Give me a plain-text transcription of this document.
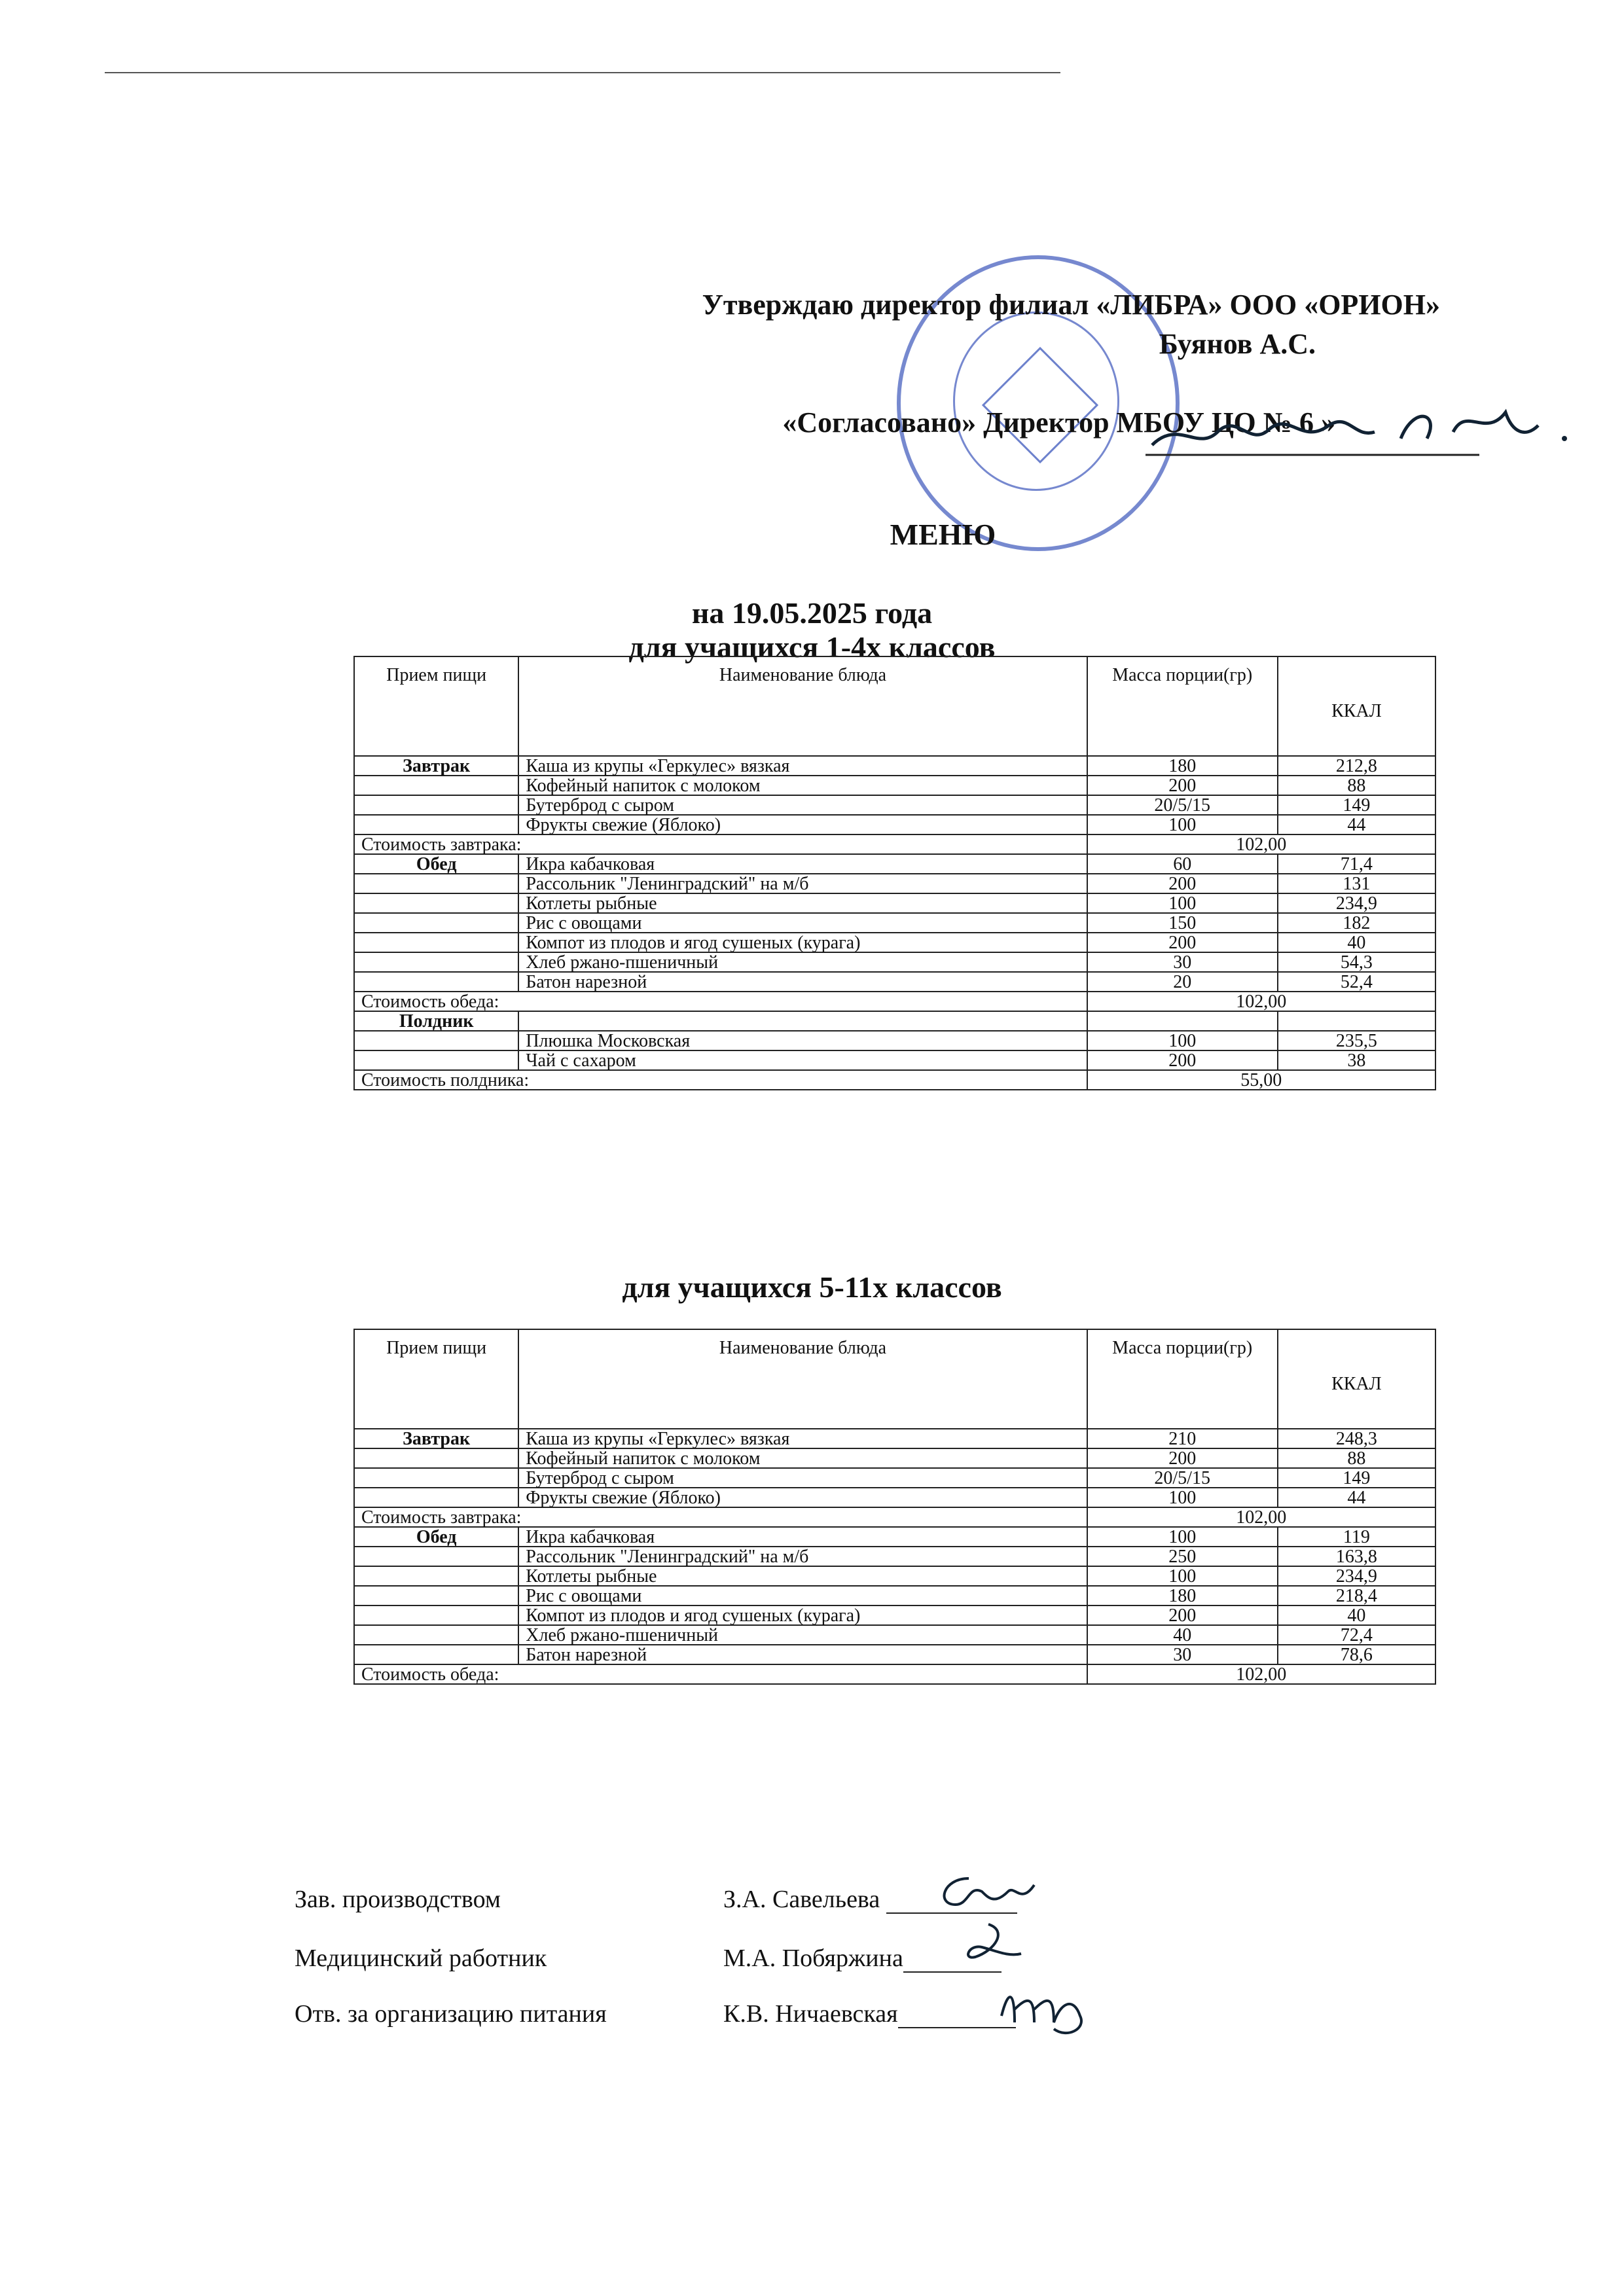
Утверждаю директор филиал «ЛИБРА» ООО «ОРИОН»
Буянов А.С.
«Согласовано» Директор МБОУ ЦО № 6 »
МЕНЮ
на 19.05.2025 года
для учащихся 1-4х классов
для учащихся 5-11х классов
Прием пищи	Наименование блюда	Масса порции(гр)	ККАЛ
Завтрак	Каша из крупы «Геркулес» вязкая	180	212,8
	Кофейный напиток с молоком	200	88
	Бутерброд с сыром	20/5/15	149
	Фрукты свежие (Яблоко)	100	44
Стоимость завтрака:		102,00	
Обед	Икра кабачковая	60	71,4
	Рассольник "Ленинградский" на м/б	200	131
	Котлеты рыбные	100	234,9
	Рис с овощами	150	182
	Компот из плодов и ягод сушеных (курага)	200	40
	Хлеб ржано-пшеничный	30	54,3
	Батон нарезной	20	52,4
Стоимость обеда:		102,00	
Полдник			
	Плюшка Московская	100	235,5
	Чай с сахаром	200	38
Стоимость полдника:		55,00	
Прием пищи	Наименование блюда	Масса порции(гр)	ККАЛ
Завтрак	Каша из крупы «Геркулес» вязкая	210	248,3
	Кофейный напиток с молоком	200	88
	Бутерброд с сыром	20/5/15	149
	Фрукты свежие (Яблоко)	100	44
Стоимость завтрака:		102,00	
Обед	Икра кабачковая	100	119
	Рассольник "Ленинградский" на м/б	250	163,8
	Котлеты рыбные	100	234,9
	Рис с овощами	180	218,4
	Компот из плодов и ягод сушеных (курага)	200	40
	Хлеб ржано-пшеничный	40	72,4
	Батон нарезной	30	78,6
Стоимость обеда:		102,00	
Зав. производством	З.А. Савельева
Медицинский работник	М.А. Побяржина
Отв. за организацию питания	К.В. Ничаевская
